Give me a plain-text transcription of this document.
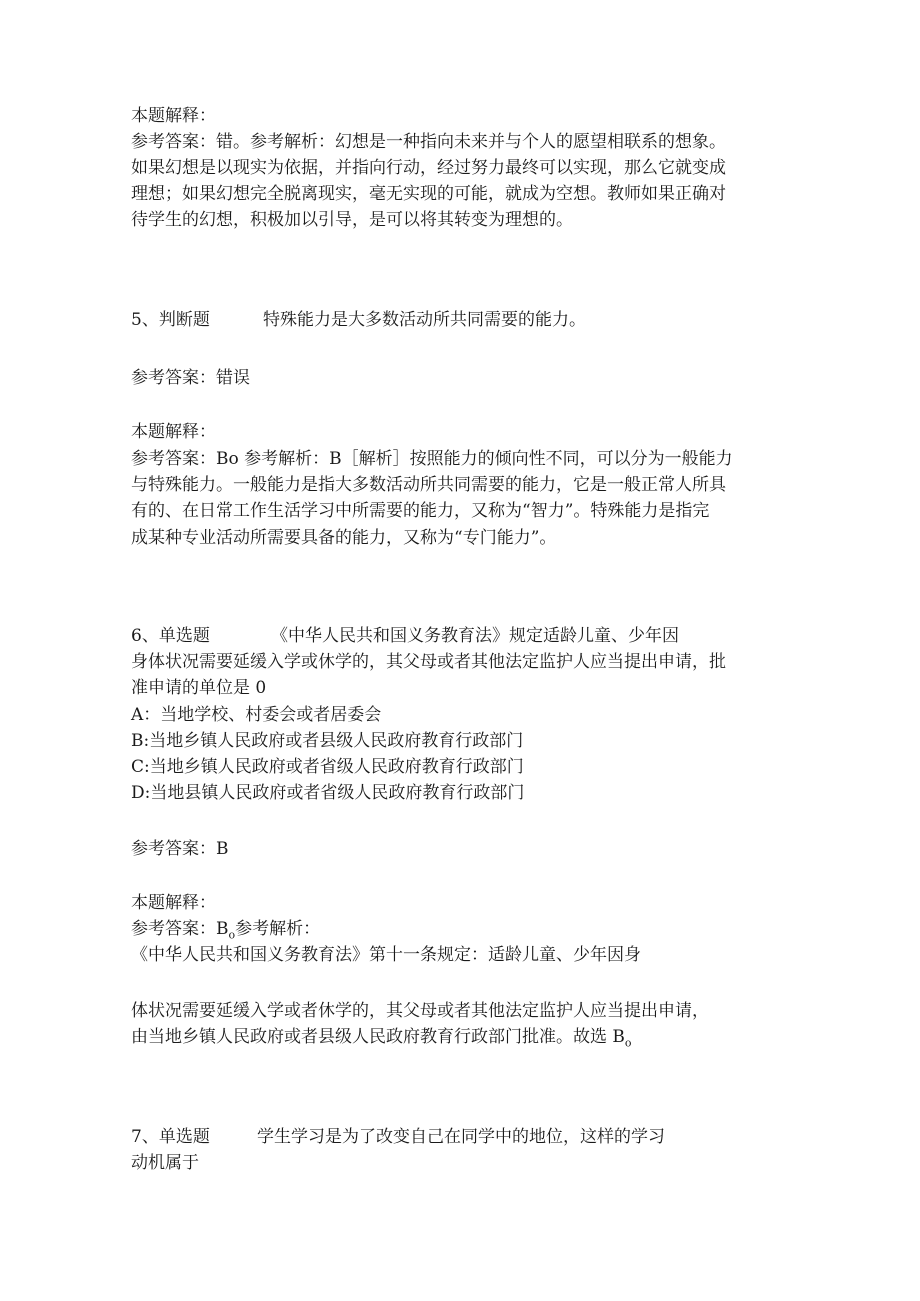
本题解释：
参考答案：错。参考解析：幻想是一种指向未来并与个人的愿望相联系的想象。
如果幻想是以现实为依据，并指向行动，经过努力最终可以实现，那么它就变成
理想；如果幻想完全脱离现实，毫无实现的可能，就成为空想。教师如果正确对
待学生的幻想，积极加以引导，是可以将其转变为理想的。
5、判断题	特殊能力是大多数活动所共同需要的能力。
参考答案：错误
本题解释：
参考答案：Bo 参考解析：B［解析］按照能力的倾向性不同，可以分为一般能力
与特殊能力。一般能力是指大多数活动所共同需要的能力，它是一般正常人所具
有的、在日常工作生活学习中所需要的能力，又称为“智力”。特殊能力是指完
成某种专业活动所需要具备的能力，又称为“专门能力”。
6、单选题	《中华人民共和国义务教育法》规定适龄儿童、少年因
身体状况需要延缓入学或休学的，其父母或者其他法定监护人应当提出申请，批
准申请的单位是 0
A：当地学校、村委会或者居委会
B:当地乡镇人民政府或者县级人民政府教育行政部门
C:当地乡镇人民政府或者省级人民政府教育行政部门
D:当地县镇人民政府或者省级人民政府教育行政部门
参考答案：B
本题解释：
参考答案：$B_o$参考解析：
《中华人民共和国义务教育法》第十一条规定：适龄儿童、少年因身
体状况需要延缓入学或者休学的，其父母或者其他法定监护人应当提出申请，
由当地乡镇人民政府或者县级人民政府教育行政部门批准。故选 $B_o$
7、单选题	学生学习是为了改变自己在同学中的地位，这样的学习
动机属于
